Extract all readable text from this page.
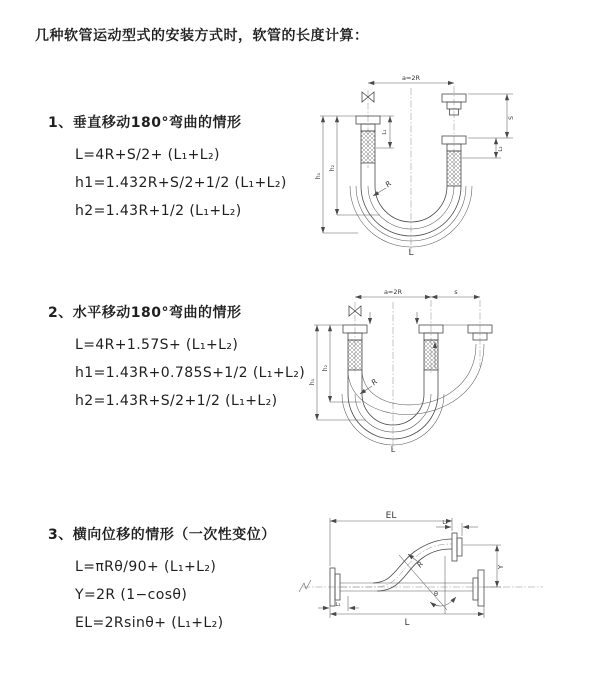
几种软管运动型式的安装方式时，软管的长度计算：
1、垂直移动180°弯曲的情形
L=4R+S/2+ (L₁+L₂)
h1=1.432R+S/2+1/2 (L₁+L₂)
h2=1.43R+1/2 (L₁+L₂)
2、水平移动180°弯曲的情形
L=4R+1.57S+ (L₁+L₂)
h1=1.43R+0.785S+1/2 (L₁+L₂)
h2=1.43R+S/2+1/2 (L₁+L₂)
3、横向位移的情形（一次性变位）
L=πRθ/90+ (L₁+L₂)
Y=2R (1−cosθ)
EL=2Rsinθ+ (L₁+L₂)
a=2R
S
L₂
L₁
h₁
h₂
R
L
a=2R	s
h₁
h₂
R
L
θ
EL
L₂
Y
L
L₁
R
